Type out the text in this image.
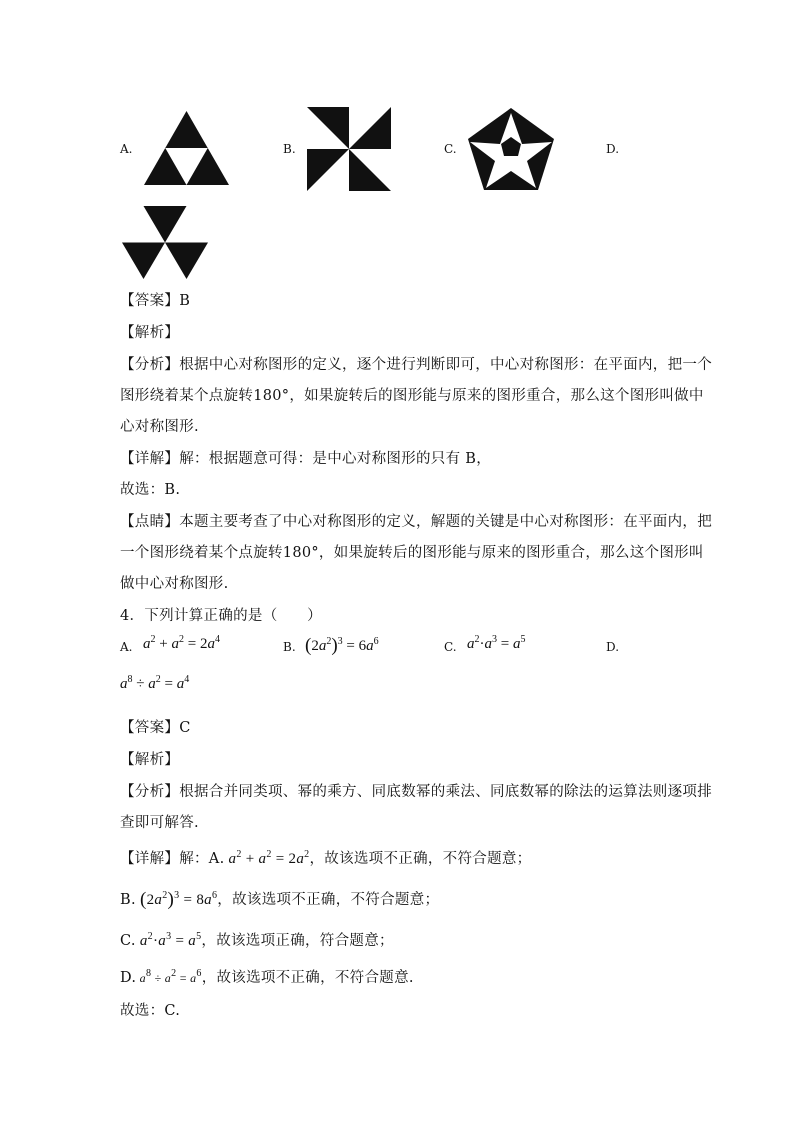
A.	B.	C.	D.
【答案】B
【解析】
【分析】根据中心对称图形的定义，逐个进行判断即可，中心对称图形：在平面内，把一个
图形绕着某个点旋转180°，如果旋转后的图形能与原来的图形重合，那么这个图形叫做中
心对称图形.
【详解】解：根据题意可得：是中心对称图形的只有 B，
故选：B.
【点睛】本题主要考查了中心对称图形的定义，解题的关键是中心对称图形：在平面内，把
一个图形绕着某个点旋转180°，如果旋转后的图形能与原来的图形重合，那么这个图形叫
做中心对称图形.
4．下列计算正确的是（　　）
A. $a^2 + a^2 = 2a^4$
B. $(2a^2)^3 = 6a^6$	C. $a^2\cdot a^3 = a^5$
D.
$a^8 \div a^2 = a^4$
【答案】C
【解析】
【分析】根据合并同类项、幂的乘方、同底数幂的乘法、同底数幂的除法的运算法则逐项排
查即可解答.
【详解】解：A. $a^2 + a^2 = 2a^2$，故该选项不正确，不符合题意；
B. $(2a^2)^3 = 8a^6$，故该选项不正确，不符合题意；
C. $a^2\cdot a^3 = a^5$，故该选项正确，符合题意；
D. $a^8 \div a^2 = a^6$，故该选项不正确，不符合题意.
故选：C.
